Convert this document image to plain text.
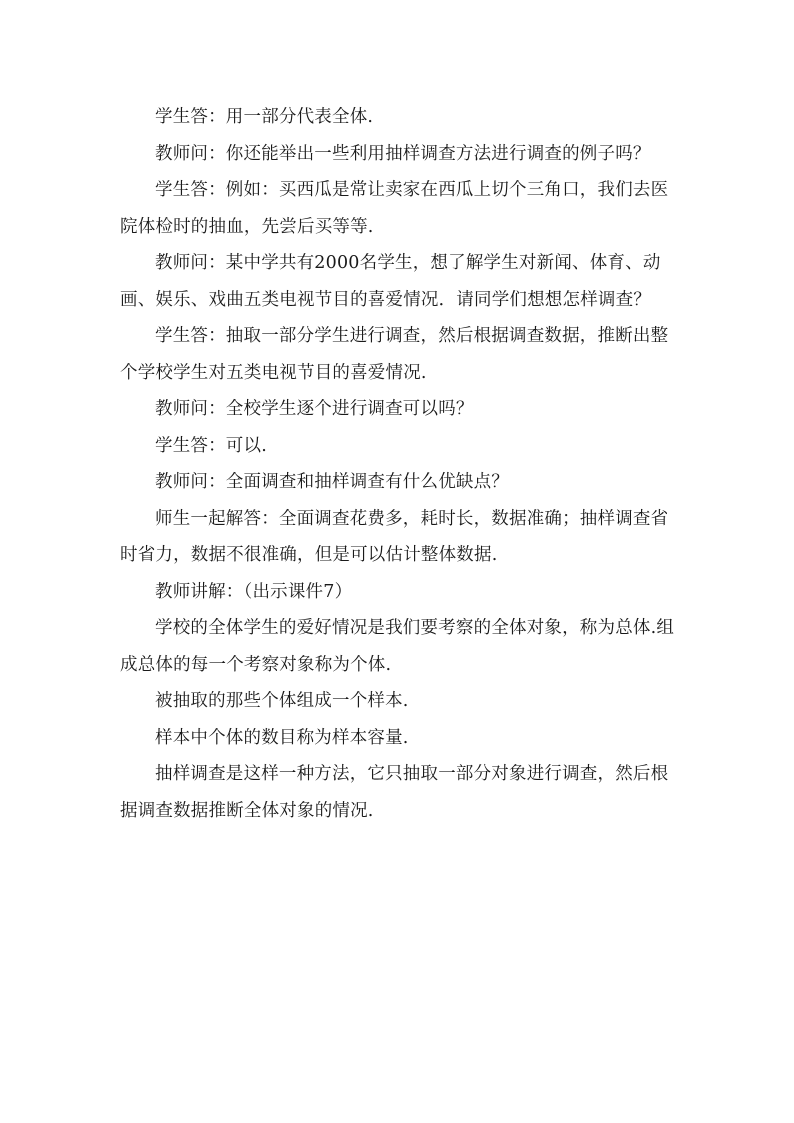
学生答：用一部分代表全体.

教师问：你还能举出一些利用抽样调查方法进行调查的例子吗？

学生答：例如：买西瓜是常让卖家在西瓜上切个三角口，我们去医院体检时的抽血，先尝后买等等.

教师问：某中学共有2000名学生，想了解学生对新闻、体育、动画、娱乐、戏曲五类电视节目的喜爱情况．请同学们想想怎样调查？

学生答：抽取一部分学生进行调查，然后根据调查数据，推断出整个学校学生对五类电视节目的喜爱情况.

教师问：全校学生逐个进行调查可以吗？

学生答：可以.

教师问：全面调查和抽样调查有什么优缺点？

师生一起解答：全面调查花费多，耗时长，数据准确；抽样调查省时省力，数据不很准确，但是可以估计整体数据.

教师讲解：（出示课件7）

学校的全体学生的爱好情况是我们要考察的全体对象，称为总体.组成总体的每一个考察对象称为个体.

被抽取的那些个体组成一个样本.

样本中个体的数目称为样本容量.

抽样调查是这样一种方法，它只抽取一部分对象进行调查，然后根据调查数据推断全体对象的情况.
